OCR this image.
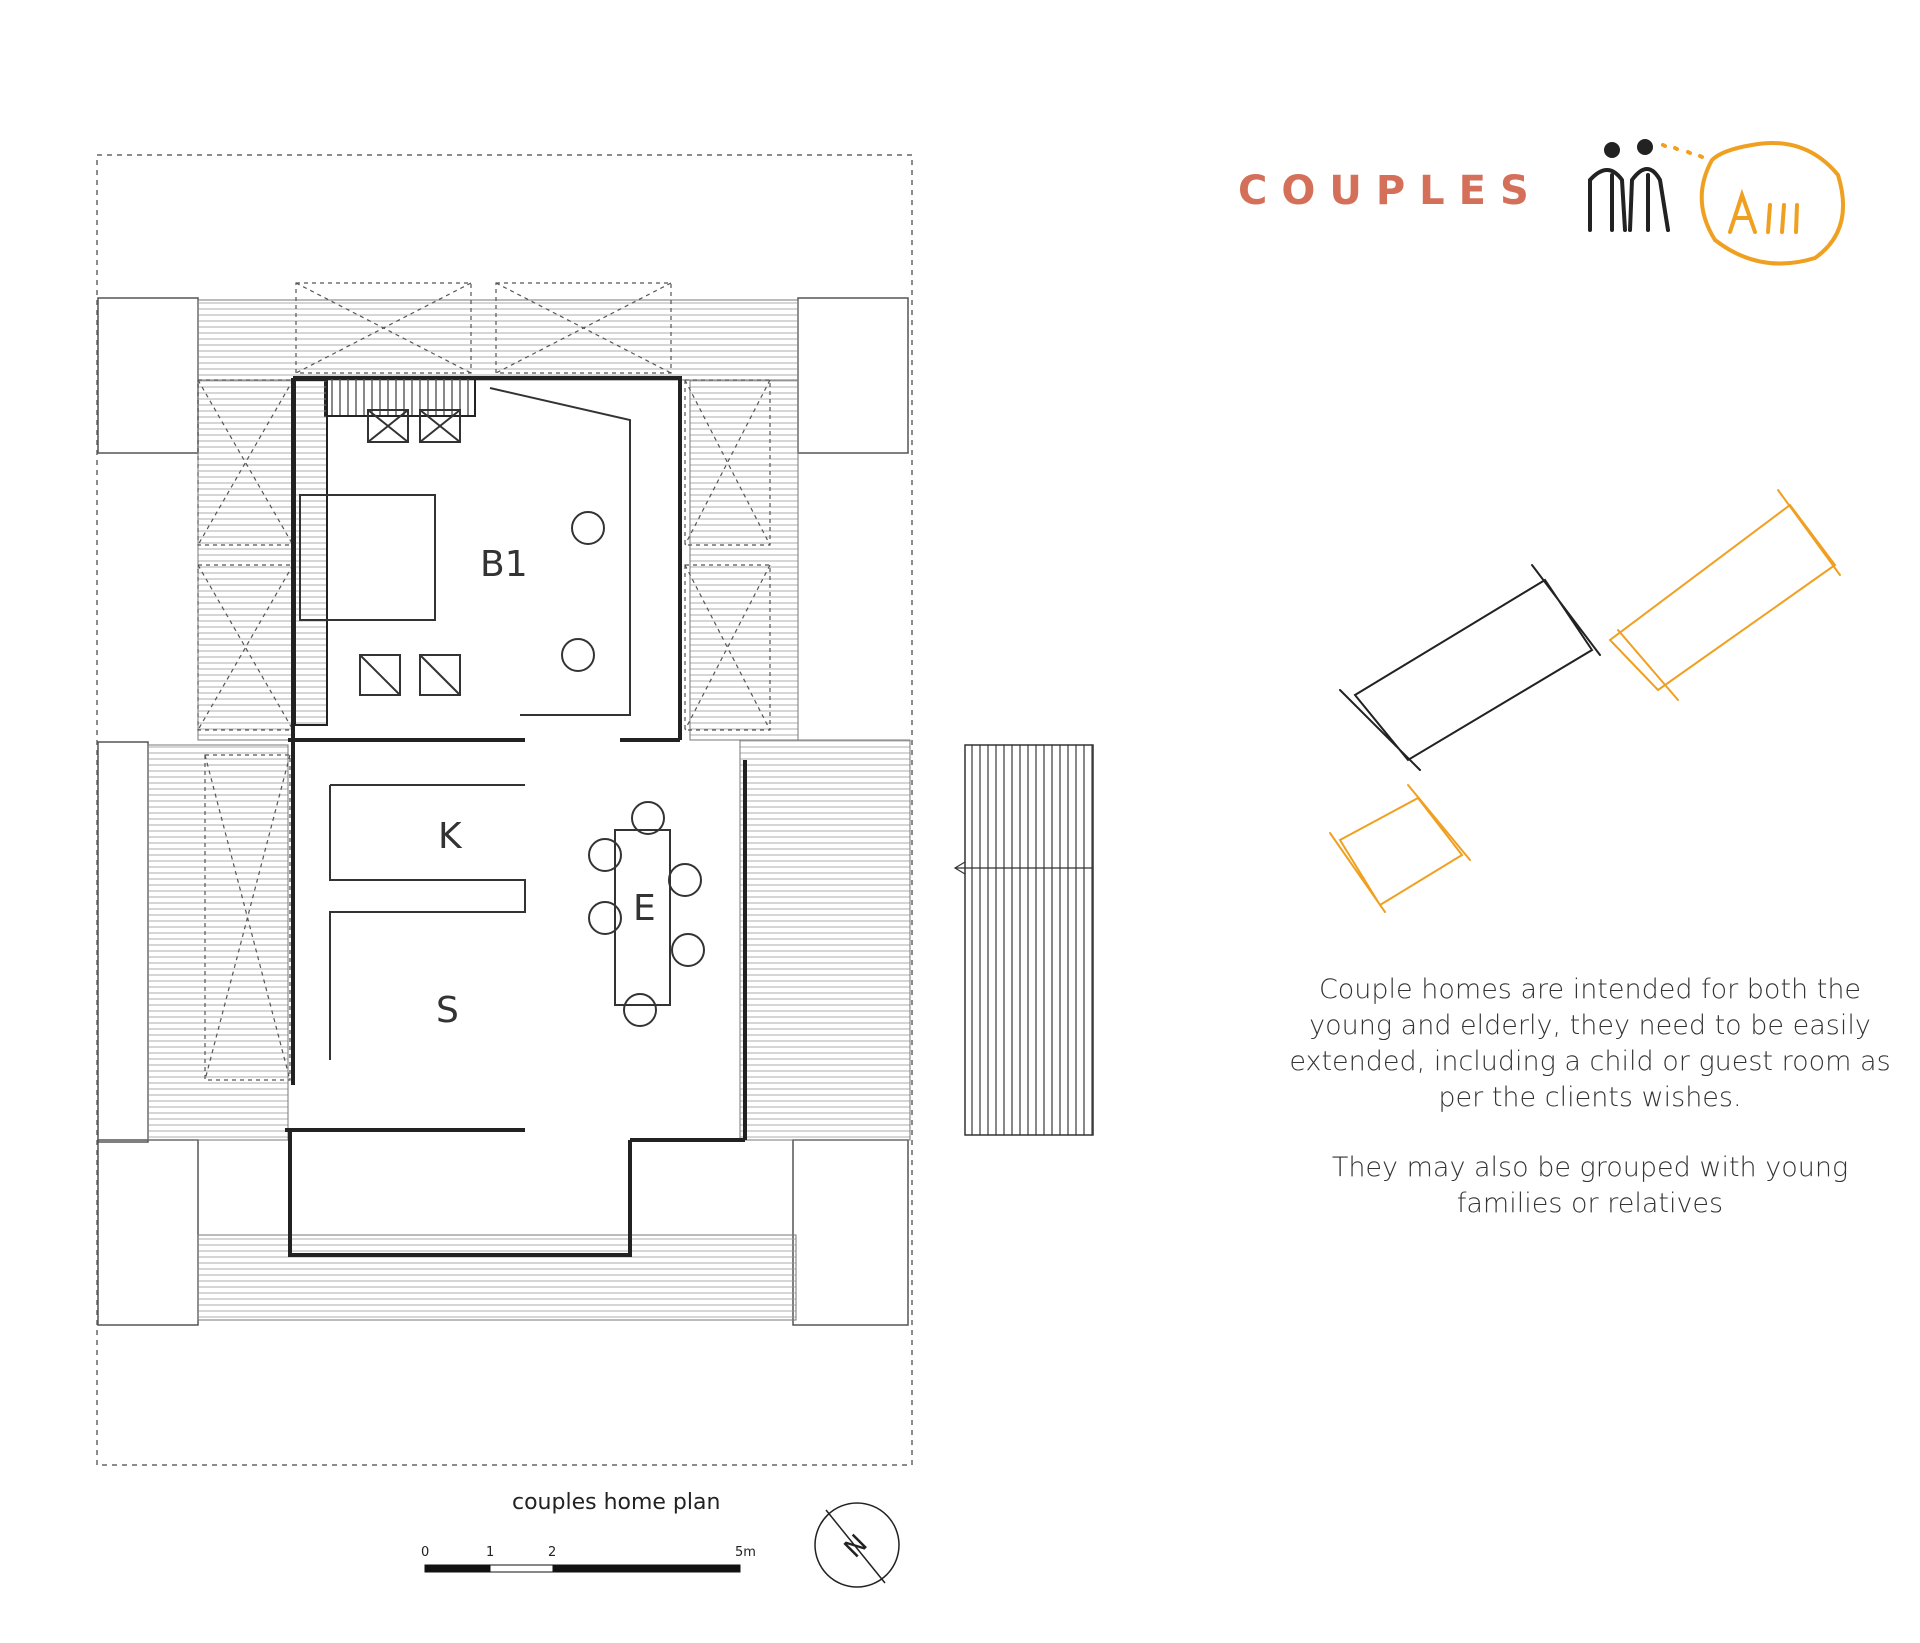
B1
K
E
S
N
COUPLES

Couple homes are intended for both the young and elderly, they need to be easily extended, including a child or guest room as per the clients wishes.

They may also be grouped with young families or relatives

couples home plan
0	1	2	5m
